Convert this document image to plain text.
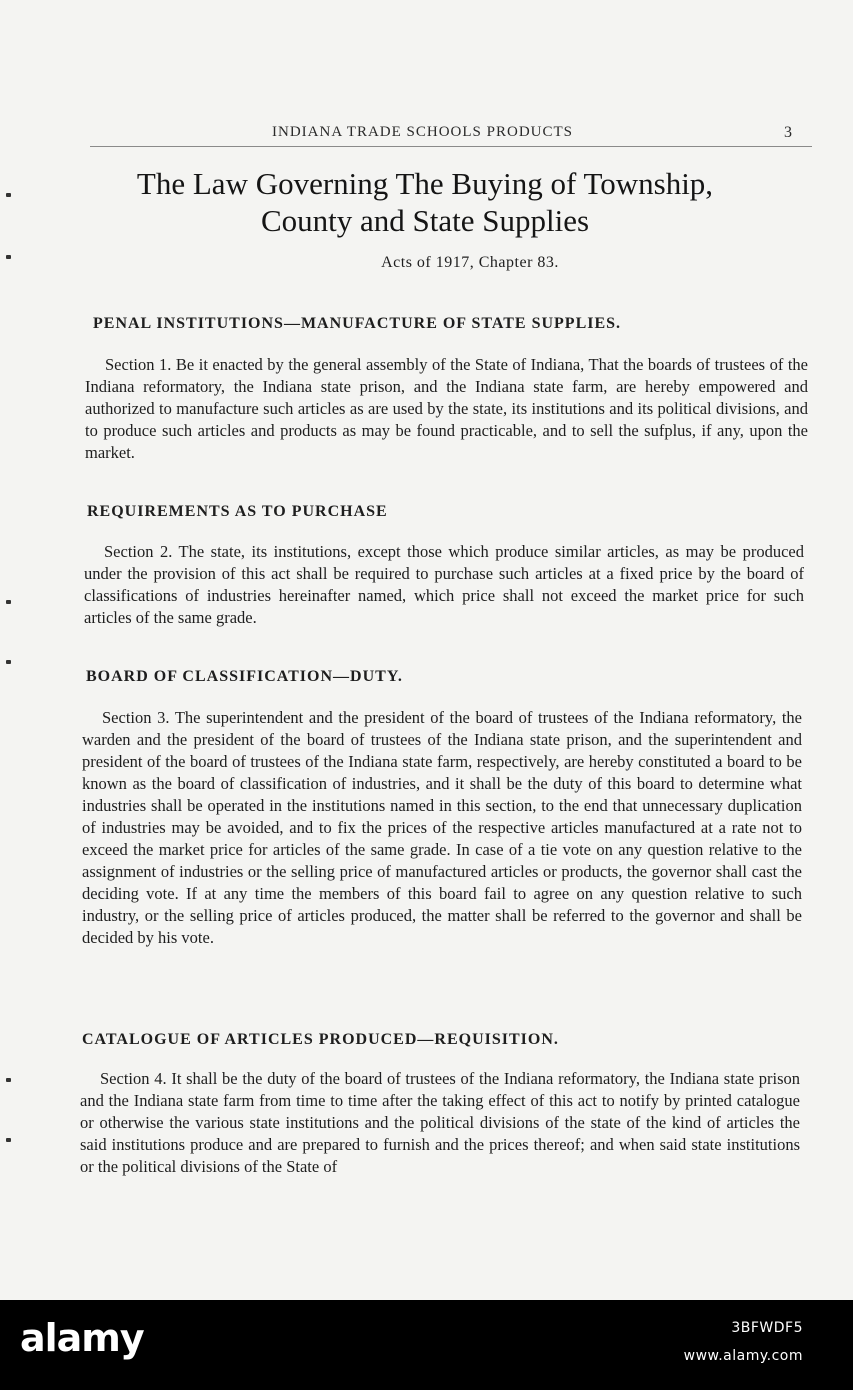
INDIANA TRADE SCHOOLS PRODUCTS	3
The Law Governing The Buying of Township,
County and State Supplies
Acts of 1917, Chapter 83.
PENAL INSTITUTIONS—MANUFACTURE OF STATE SUPPLIES.

Section 1. Be it enacted by the general assembly of the State of Indiana, That the boards of trustees of the Indiana reformatory, the Indiana state prison, and the Indiana state farm, are hereby empowered and authorized to manufacture such articles as are used by the state, its institutions and its political divisions, and to produce such articles and products as may be found practicable, and to sell the sufplus, if any, upon the market.

REQUIREMENTS AS TO PURCHASE

Section 2. The state, its institutions, except those which produce similar articles, as may be produced under the provision of this act shall be required to purchase such articles at a fixed price by the board of classifications of industries hereinafter named, which price shall not exceed the market price for such articles of the same grade.

BOARD OF CLASSIFICATION—DUTY.

Section 3. The superintendent and the president of the board of trustees of the Indiana reformatory, the warden and the president of the board of trustees of the Indiana state prison, and the superintendent and president of the board of trustees of the Indiana state farm, respectively, are hereby constituted a board to be known as the board of classification of industries, and it shall be the duty of this board to determine what industries shall be operated in the institutions named in this section, to the end that unnecessary duplication of industries may be avoided, and to fix the prices of the respective articles manufactured at a rate not to exceed the market price for articles of the same grade. In case of a tie vote on any question relative to the assignment of industries or the selling price of manufactured articles or products, the governor shall cast the deciding vote. If at any time the members of this board fail to agree on any question relative to such industry, or the selling price of articles produced, the matter shall be referred to the governor and shall be decided by his vote.

CATALOGUE OF ARTICLES PRODUCED—REQUISITION.

Section 4. It shall be the duty of the board of trustees of the Indiana reformatory, the Indiana state prison and the Indiana state farm from time to time after the taking effect of this act to notify by printed catalogue or otherwise the various state institutions and the political divisions of the state of the kind of articles the said institutions produce and are prepared to furnish and the prices thereof; and when said state institutions or the political divisions of the State of

alamy	3BFWDF5
www.alamy.com
